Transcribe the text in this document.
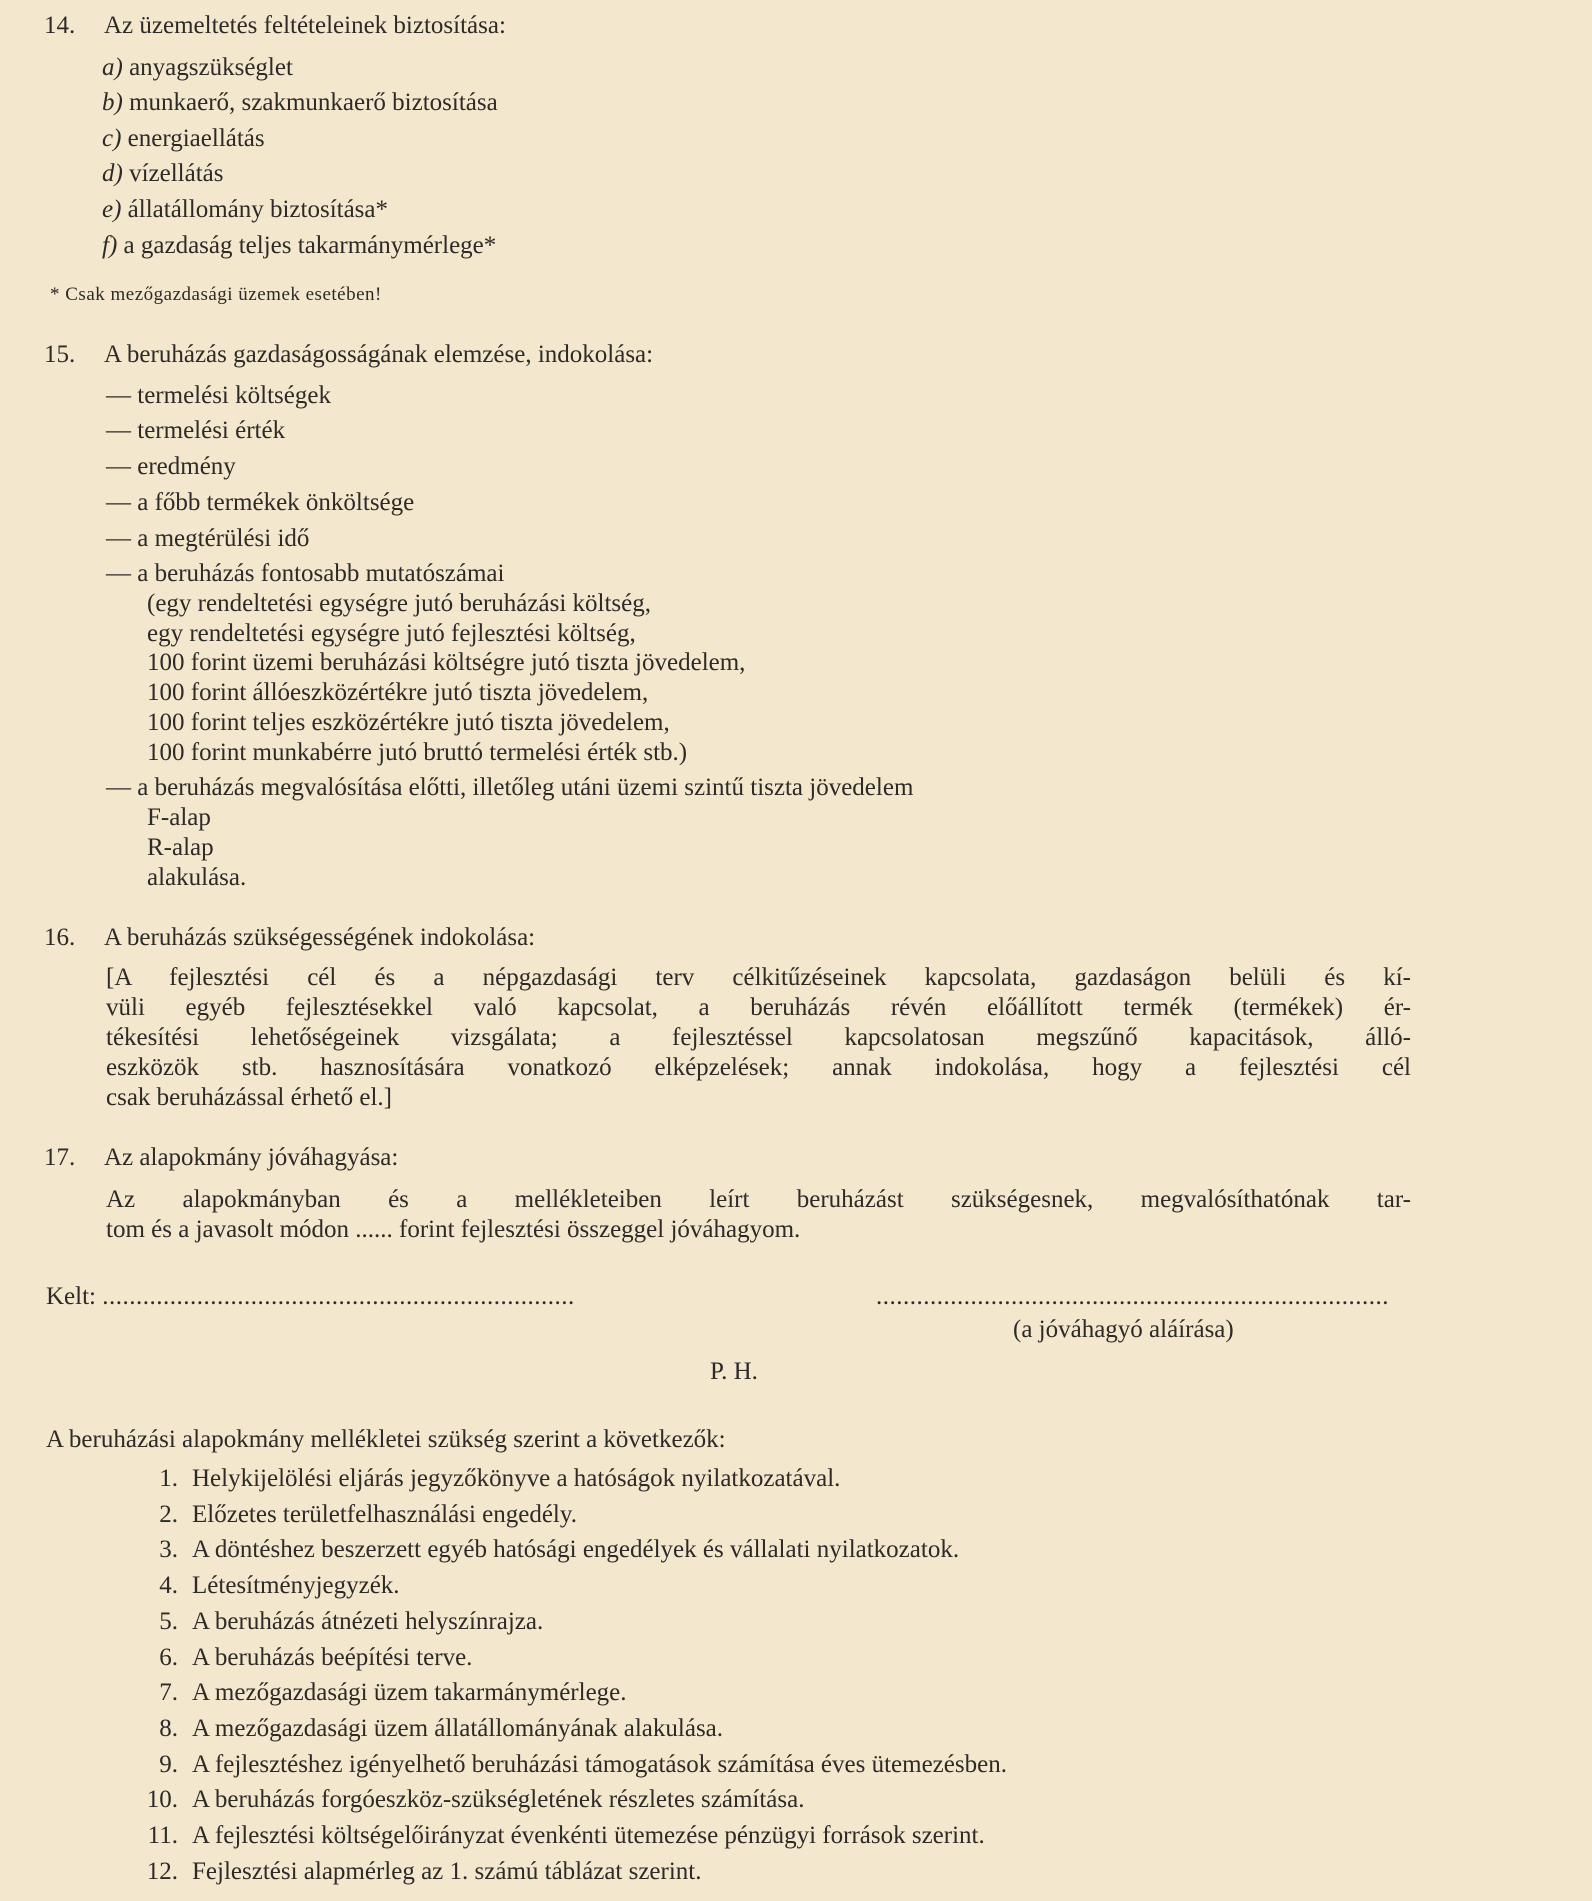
14. Az üzemeltetés feltételeinek biztosítása:
a) anyagszükséglet
b) munkaerő, szakmunkaerő biztosítása
c) energiaellátás
d) vízellátás
e) állatállomány biztosítása*
f) a gazdaság teljes takarmánymérlege*
* Csak mezőgazdasági üzemek esetében!
15. A beruházás gazdaságosságának elemzése, indokolása:
— termelési költségek
— termelési érték
— eredmény
— a főbb termékek önköltsége
— a megtérülési idő
— a beruházás fontosabb mutatószámai
(egy rendeltetési egységre jutó beruházási költség,
egy rendeltetési egységre jutó fejlesztési költség,
100 forint üzemi beruházási költségre jutó tiszta jövedelem,
100 forint állóeszközértékre jutó tiszta jövedelem,
100 forint teljes eszközértékre jutó tiszta jövedelem,
100 forint munkabérre jutó bruttó termelési érték stb.)
— a beruházás megvalósítása előtti, illetőleg utáni üzemi szintű tiszta jövedelem
F-alap
R-alap
alakulása.
16. A beruházás szükségességének indokolása:
[A fejlesztési cél és a népgazdasági terv célkitűzéseinek kapcsolata, gazdaságon belüli és kí-
vüli egyéb fejlesztésekkel való kapcsolat, a beruházás révén előállított termék (termékek) ér-
tékesítési lehetőségeinek vizsgálata; a fejlesztéssel kapcsolatosan megszűnő kapacitások, álló-
eszközök stb. hasznosítására vonatkozó elképzelések; annak indokolása, hogy a fejlesztési cél
csak beruházással érhető el.]
17. Az alapokmány jóváhagyása:
Az alapokmányban és a mellékleteiben leírt beruházást szükségesnek, megvalósíthatónak tar-
tom és a javasolt módon ...... forint fejlesztési összeggel jóváhagyom.
Kelt: ......................................................................	............................................................................
(a jóváhagyó aláírása)
P. H.
A beruházási alapokmány mellékletei szükség szerint a következők:
1. Helykijelölési eljárás jegyzőkönyve a hatóságok nyilatkozatával.
2. Előzetes területfelhasználási engedély.
3. A döntéshez beszerzett egyéb hatósági engedélyek és vállalati nyilatkozatok.
4. Létesítményjegyzék.
5. A beruházás átnézeti helyszínrajza.
6. A beruházás beépítési terve.
7. A mezőgazdasági üzem takarmánymérlege.
8. A mezőgazdasági üzem állatállományának alakulása.
9. A fejlesztéshez igényelhető beruházási támogatások számítása éves ütemezésben.
10. A beruházás forgóeszköz-szükségletének részletes számítása.
11. A fejlesztési költségelőirányzat évenkénti ütemezése pénzügyi források szerint.
12. Fejlesztési alapmérleg az 1. számú táblázat szerint.
